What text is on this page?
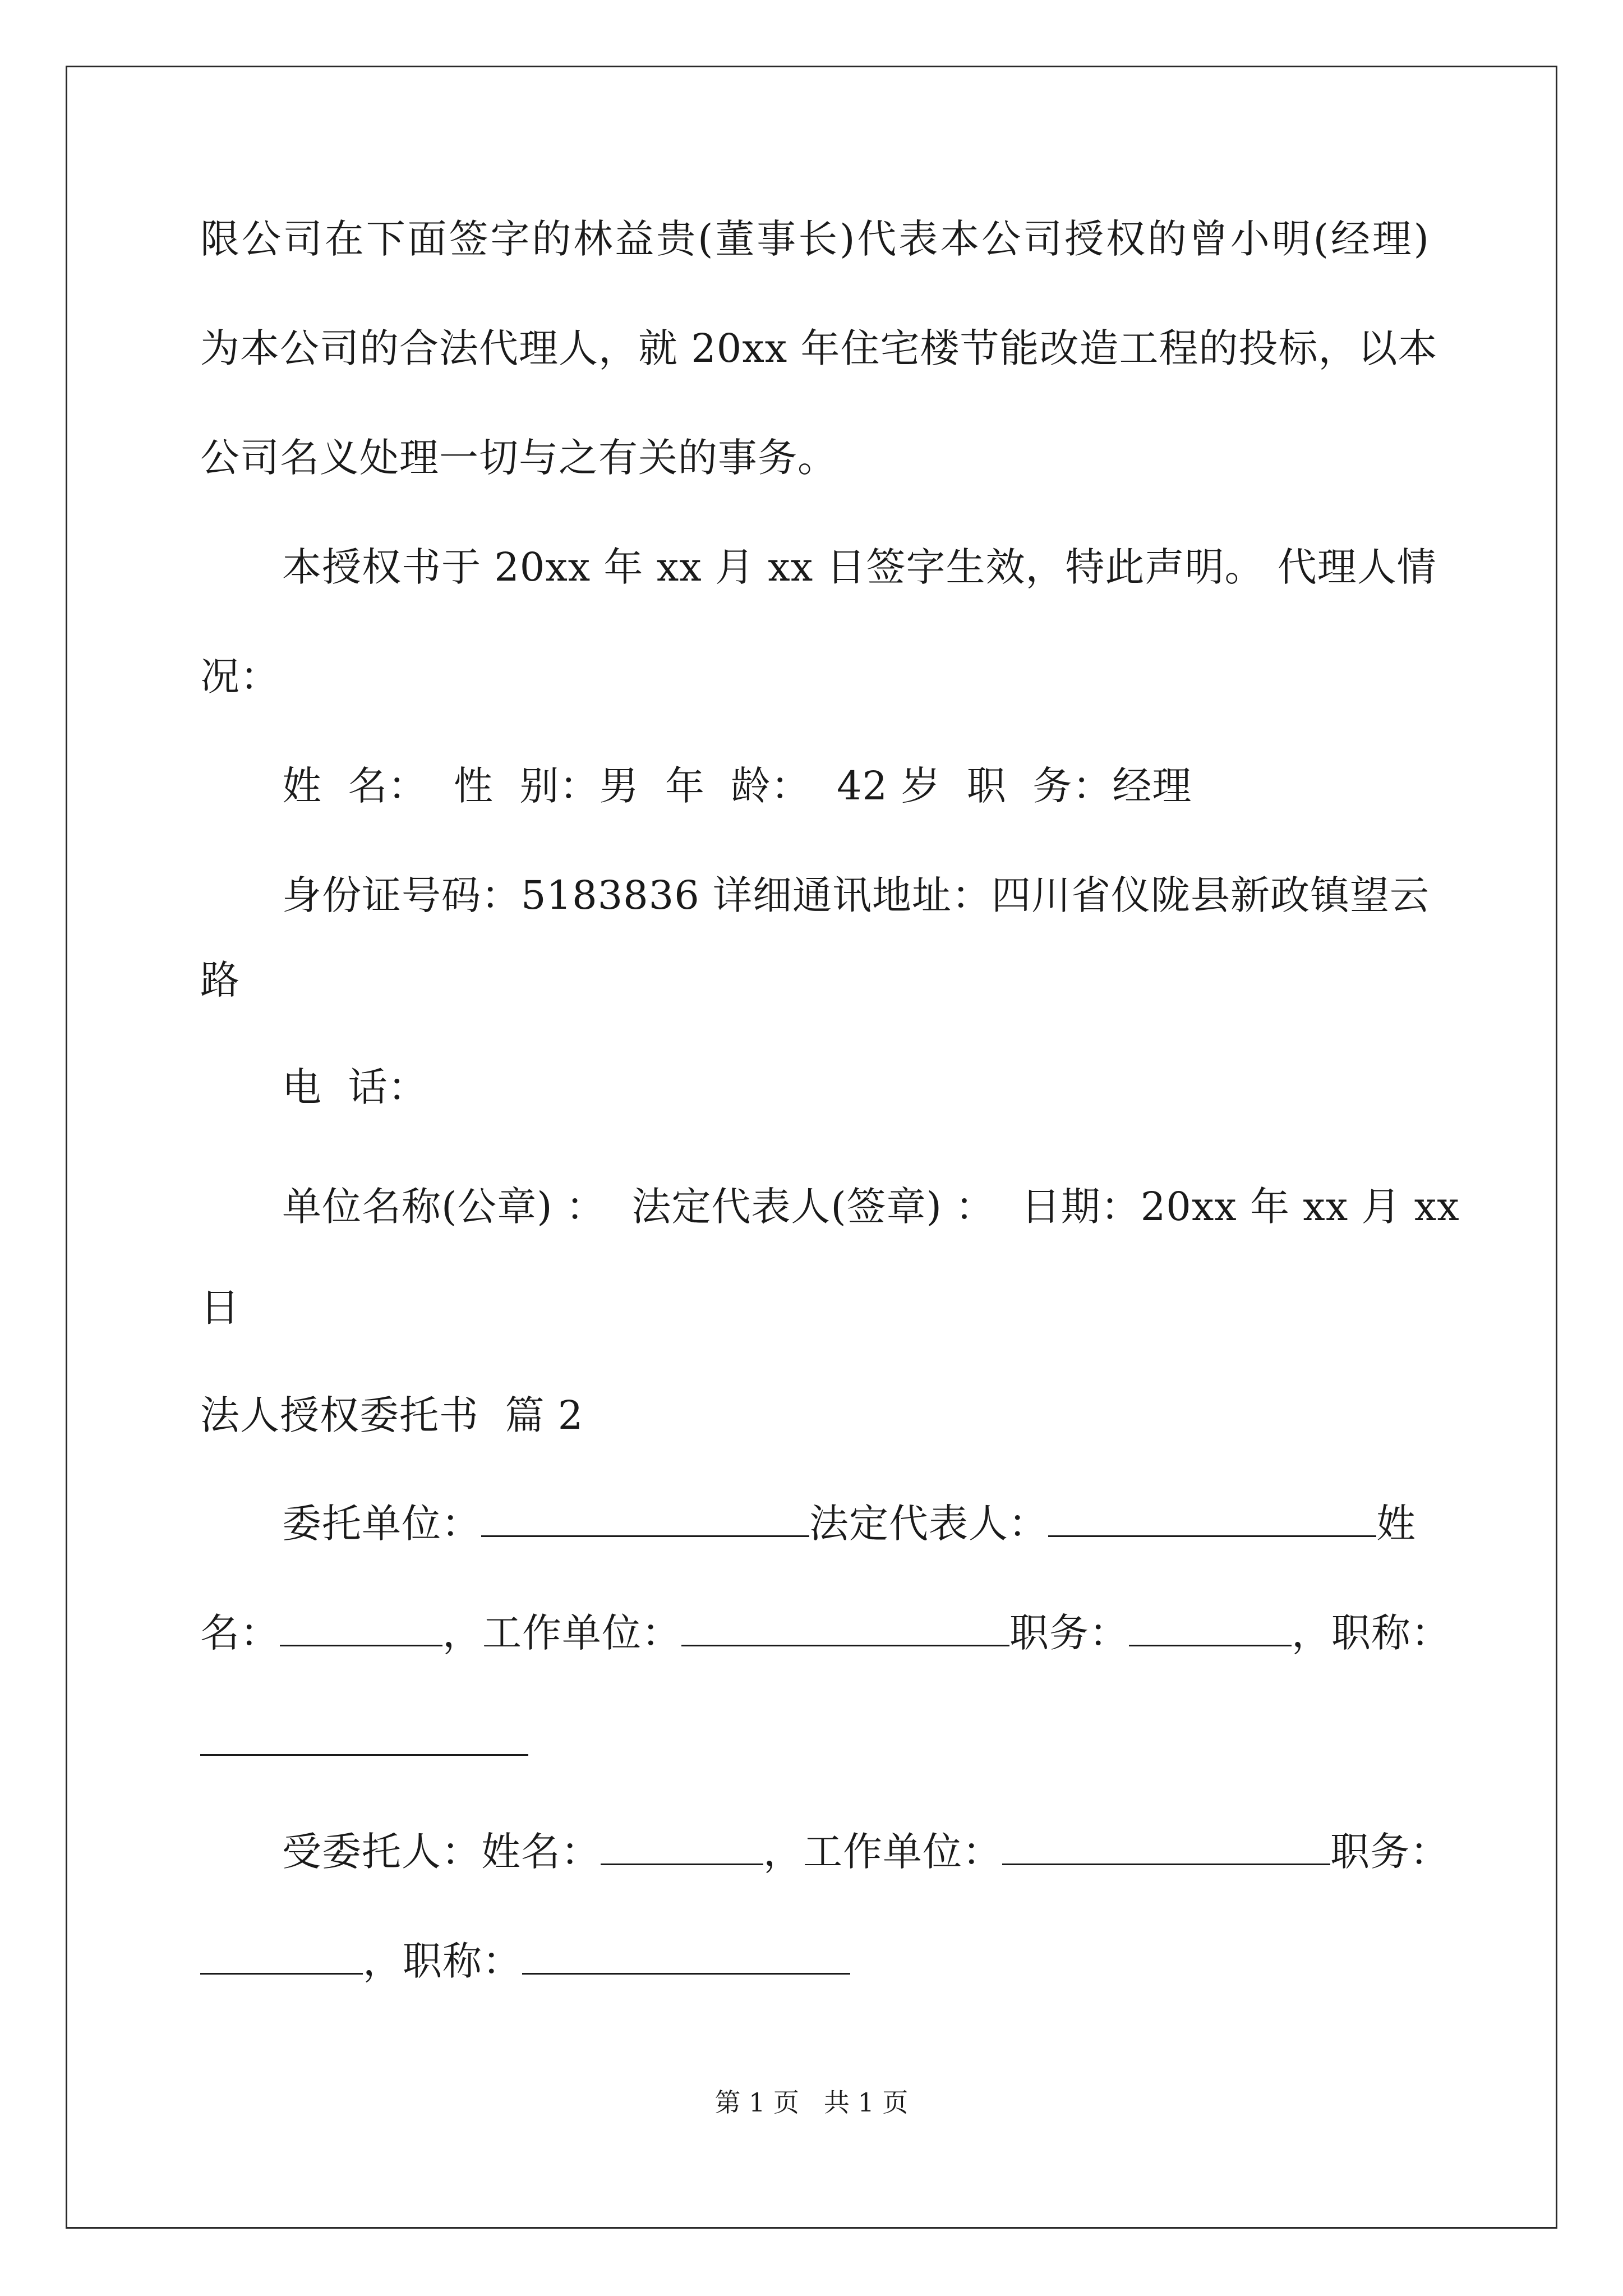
限公司在下面签字的林益贵(董事长)代表本公司授权的曾小明(经理)
为本公司的合法代理人，就 20xx 年住宅楼节能改造工程的投标，以本
公司名义处理一切与之有关的事务。
本授权书于 20xx 年 xx 月 xx 日签字生效，特此声明。 代理人情
况：
姓  名：  性  别：男  年  龄：  42 岁  职  务：经理
身份证号码：5183836 详细通讯地址：四川省仪陇县新政镇望云
路
电  话：
单位名称(公章) ：  法定代表人(签章) ：  日期：20xx 年 xx 月 xx
日
法人授权委托书  篇 2
委托单位：	法定代表人：	姓
名：	，工作单位：	职务：	，职称：
受委托人：姓名：	，工作单位：	职务：
，职称：
第 1 页   共 1 页
